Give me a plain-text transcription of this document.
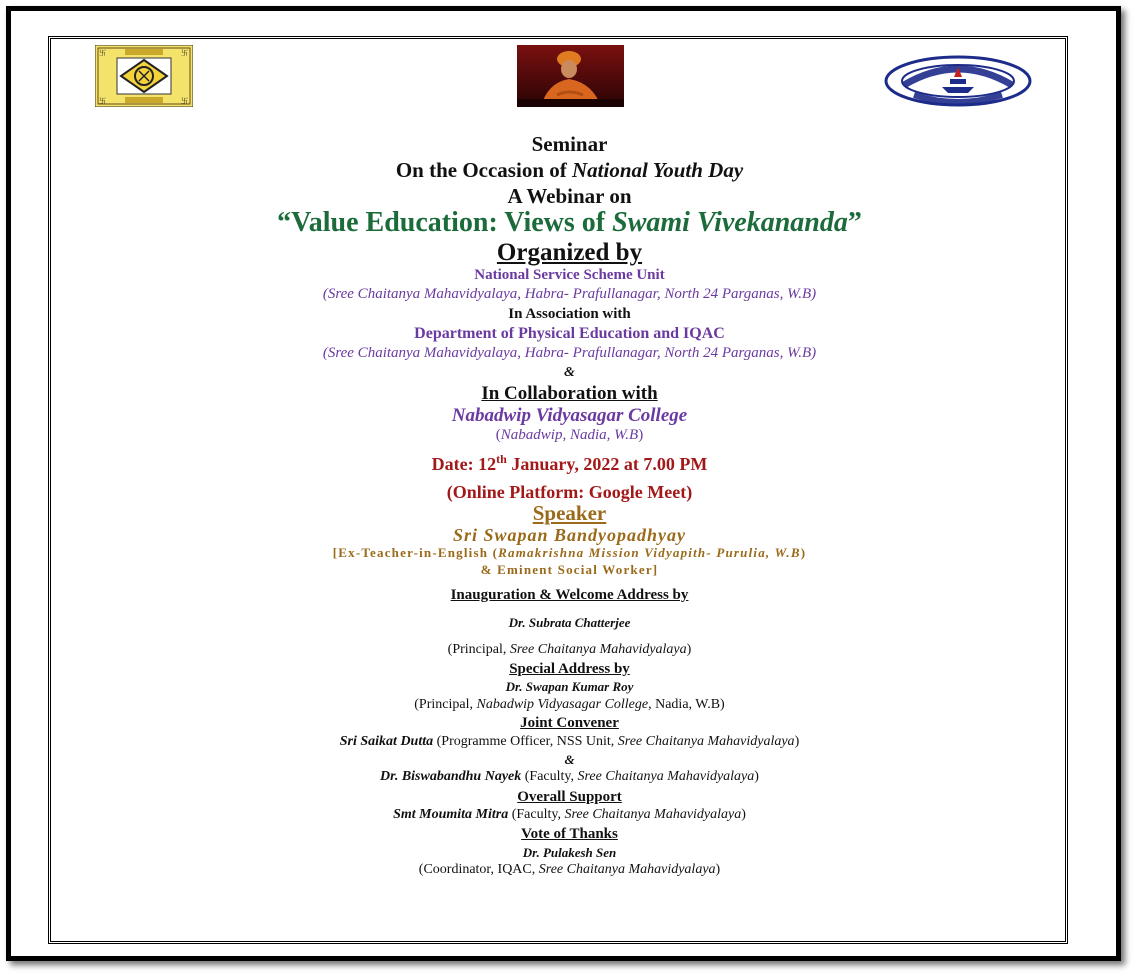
卐	卐
卐	卐
Seminar
On the Occasion of National Youth Day
A Webinar on
“Value Education: Views of Swami Vivekananda”
Organized by
National Service Scheme Unit
(Sree Chaitanya Mahavidyalaya, Habra- Prafullanagar, North 24 Parganas, W.B)
In Association with
Department of Physical Education and IQAC
(Sree Chaitanya Mahavidyalaya, Habra- Prafullanagar, North 24 Parganas, W.B)
&
In Collaboration with
Nabadwip Vidyasagar College
(Nabadwip, Nadia, W.B)
Date: 12th January, 2022 at 7.00 PM
(Online Platform: Google Meet)
Speaker
Sri Swapan Bandyopadhyay
[Ex-Teacher-in-English (Ramakrishna Mission Vidyapith- Purulia, W.B)
& Eminent Social Worker]
Inauguration & Welcome Address by
Dr. Subrata Chatterjee
(Principal, Sree Chaitanya Mahavidyalaya)
Special Address by
Dr. Swapan Kumar Roy
(Principal, Nabadwip Vidyasagar College, Nadia, W.B)
Joint Convener
Sri Saikat Dutta (Programme Officer, NSS Unit, Sree Chaitanya Mahavidyalaya)
&
Dr. Biswabandhu Nayek (Faculty, Sree Chaitanya Mahavidyalaya)
Overall Support
Smt Moumita Mitra (Faculty, Sree Chaitanya Mahavidyalaya)
Vote of Thanks
Dr. Pulakesh Sen
(Coordinator, IQAC, Sree Chaitanya Mahavidyalaya)
